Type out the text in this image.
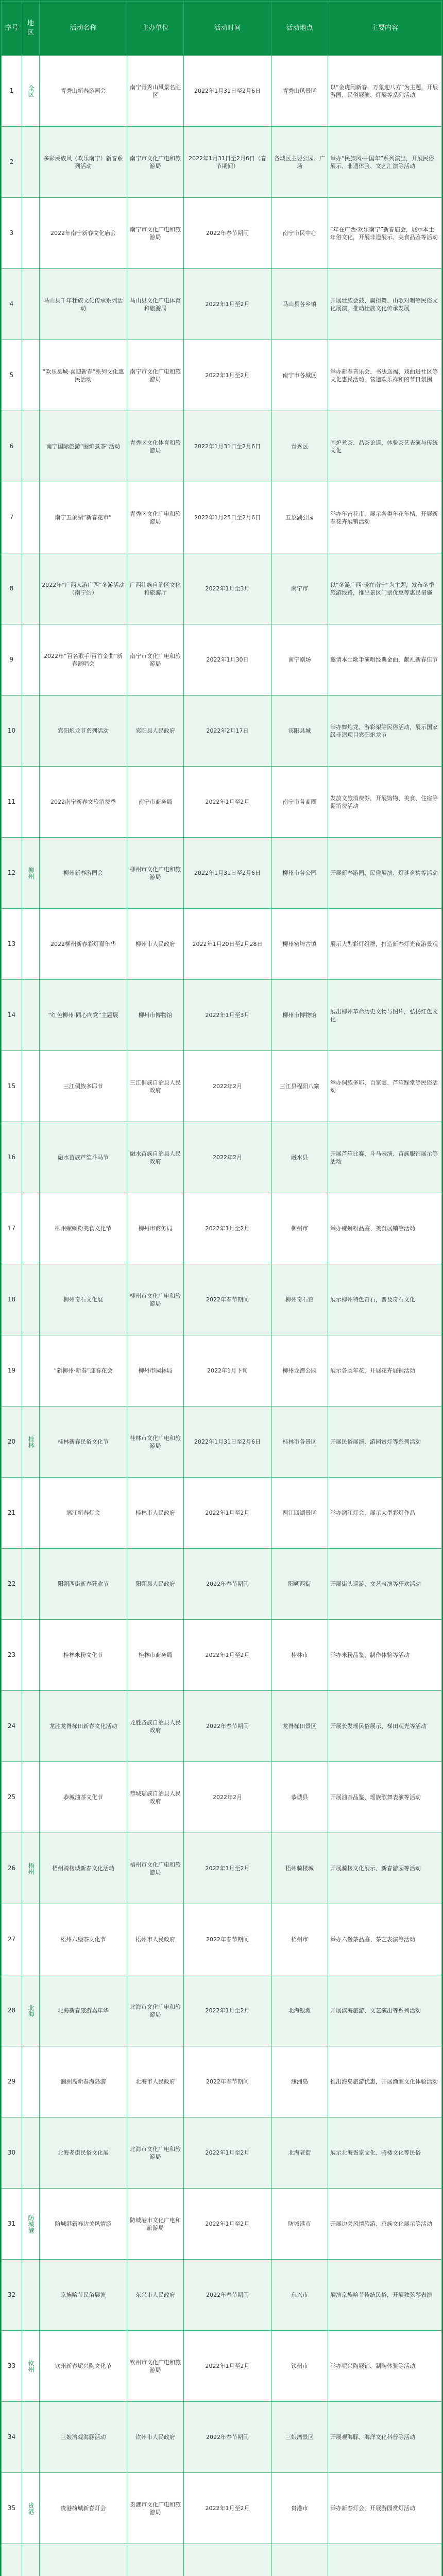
序号	地区	活动名称	主办单位	活动时间	活动地点	主要内容
1	全区	青秀山新春游园会	南宁青秀山风景名胜区	2022年1月31日至2月6日	青秀山风景区	以“金虎闹新春，万象迎八方”为主题，开展游园、民俗展演、灯展等系列活动
2		多彩民族风（欢乐南宁）新春系列活动	南宁市文化广电和旅游局	2022年1月31日至2月6日（春节期间）	各城区主要公园、广场	举办“民族风·中国年”系列演出，开展民俗展示、非遗体验、文艺汇演等活动
3		2022年南宁新春文化庙会	南宁市文化广电和旅游局	2022年春节期间	南宁市民中心	“年在广西·欢乐南宁”新春庙会，展示本土年俗文化，开展非遗展示、美食品鉴等活动
4		马山县千年壮族文化传承系列活动	马山县文化广电体育和旅游局	2022年1月至2月	马山县各乡镇	开展壮族会鼓、扁担舞、山歌对唱等民俗文化展演，推动壮族文化传承发展
5		“欢乐邕城·喜迎新春”系列文化惠民活动	南宁市文化广电和旅游局	2022年1月至2月	南宁市各城区	举办新春音乐会、书法送福、戏曲进社区等文化惠民活动，营造欢乐祥和的节日氛围
6		南宁国际旅游“围炉煮茶”活动	青秀区文化体育和旅游局	2022年1月31日至2月6日	青秀区	围炉煮茶、品茶论道，体验茶艺表演与传统文化
7		南宁五象湖“新春花市”	青秀区文化广电和旅游局	2022年1月25日至2月6日	五象湖公园	举办年宵花市，展示各类年花年桔，开展新春花卉展销活动
8		2022年“广西人游广西”冬游活动（南宁站）	广西壮族自治区文化和旅游厅	2022年1月至3月	南宁市	以“冬游广西·暖在南宁”为主题，发布冬季旅游线路，推出景区门票优惠等惠民措施
9		2022年“百名歌手·百首金曲”新春演唱会	南宁市文化广电和旅游局	2022年1月30日	南宁剧场	邀请本土歌手演唱经典金曲，献礼新春佳节
10		宾阳炮龙节系列活动	宾阳县人民政府	2022年2月17日	宾阳县城	举办舞炮龙、游彩架等民俗活动，展示国家级非遗项目宾阳炮龙节
11		2022南宁新春文旅消费季	南宁市商务局	2022年1月至2月	南宁市各商圈	发放文旅消费券，开展购物、美食、住宿等促消费活动
12	柳州	柳州新春游园会	柳州市文化广电和旅游局	2022年1月31日至2月6日	柳州市各公园	开展新春游园、民俗展演、灯谜竞猜等活动
13		2022柳州新春彩灯嘉年华	柳州市人民政府	2022年1月20日至2月28日	柳州窑埠古镇	展示大型彩灯组群，打造新春灯光夜游景观
14		“红色柳州·同心向党”主题展	柳州市博物馆	2022年1月至3月	柳州市博物馆	展出柳州革命历史文物与图片，弘扬红色文化
15		三江侗族多耶节	三江侗族自治县人民政府	2022年2月	三江县程阳八寨	举办侗族多耶、百家宴、芦笙踩堂等民俗活动
16		融水苗族芦笙斗马节	融水苗族自治县人民政府	2022年2月	融水县	开展芦笙比赛、斗马表演、苗族服饰展示等活动
17		柳州螺蛳粉美食文化节	柳州市商务局	2022年1月至2月	柳州市	举办螺蛳粉品鉴、美食展销等活动
18		柳州奇石文化展	柳州市文化广电和旅游局	2022年春节期间	柳州奇石馆	展示柳州特色奇石，普及奇石文化
19		“新柳州·新春”迎春花会	柳州市园林局	2022年1月下旬	柳州龙潭公园	展示各类年花，开展花卉展销活动
20	桂林	桂林新春民俗文化节	桂林市文化广电和旅游局	2022年1月31日至2月6日	桂林市各景区	开展民俗展演、游园赏灯等系列活动
21		漓江新春灯会	桂林市人民政府	2022年1月至2月	两江四湖景区	举办漓江灯会，展示大型彩灯作品
22		阳朔西街新春狂欢节	阳朔县人民政府	2022年春节期间	阳朔西街	开展街头巡游、文艺表演等狂欢活动
23		桂林米粉文化节	桂林市商务局	2022年1月至2月	桂林市	举办米粉品鉴、制作体验等活动
24		龙胜龙脊梯田新春文化活动	龙胜各族自治县人民政府	2022年春节期间	龙脊梯田景区	开展长发瑶民俗展示、梯田观光等活动
25		恭城油茶文化节	恭城瑶族自治县人民政府	2022年2月	恭城县	开展油茶品鉴、瑶族歌舞表演等活动
26	梧州	梧州骑楼城新春文化活动	梧州市文化广电和旅游局	2022年1月至2月	梧州骑楼城	开展骑楼文化展示、新春游园等活动
27		梧州六堡茶文化节	梧州市人民政府	2022年春节期间	梧州市	举办六堡茶品鉴、茶艺表演等活动
28	北海	北海新春旅游嘉年华	北海市文化广电和旅游局	2022年1月至2月	北海银滩	开展滨海旅游、文艺演出等系列活动
29		涠洲岛新春海岛游	北海市人民政府	2022年春节期间	涠洲岛	推出海岛旅游优惠，开展渔家文化体验活动
30		北海老街民俗文化展	北海市文化广电和旅游局	2022年1月至2月	北海老街	展示北海疍家文化、骑楼文化等民俗
31	防城港	防城港新春边关风情游	防城港市文化广电和旅游局	2022年1月至2月	防城港市	开展边关风情旅游、京族文化展示等活动
32		京族哈节民俗展演	东兴市人民政府	2022年春节期间	东兴市	展演京族哈节传统民俗，开展独弦琴表演
33	钦州	钦州新春坭兴陶文化节	钦州市文化广电和旅游局	2022年1月至2月	钦州市	举办坭兴陶展销、制陶体验等活动
34		三娘湾观海豚活动	钦州市人民政府	2022年春节期间	三娘湾景区	开展观海豚、海洋文化科普等活动
35	贵港	贵港荷城新春灯会	贵港市文化广电和旅游局	2022年1月至2月	贵港市	举办新春灯会，开展游园赏灯活动
